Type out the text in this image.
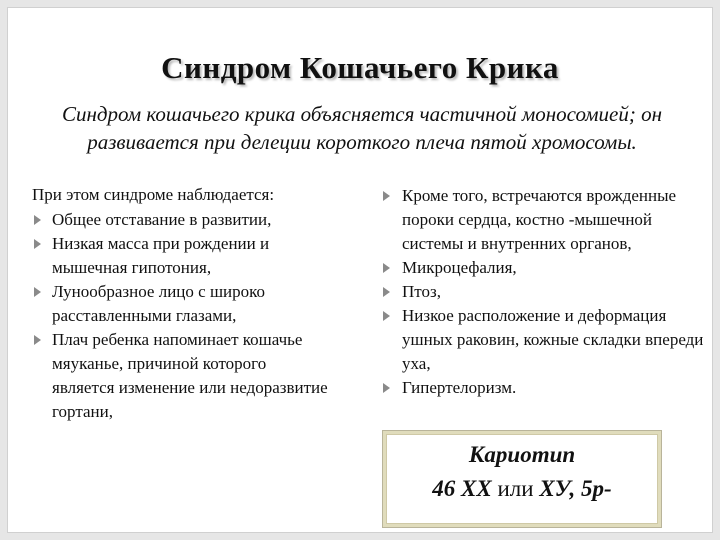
Синдром Кошачьего Крика
Синдром кошачьего крика объясняется частичной моносомией; он развивается при делеции короткого плеча пятой хромосомы.
При этом синдроме наблюдается:
Общее отставание в развитии,
Низкая масса при рождении и мышечная гипотония,
Лунообразное лицо с широко расставленными глазами,
Плач ребенка напоминает кошачье мяуканье, причиной которого является изменение или недоразвитие гортани,
Кроме того, встречаются врожденные пороки сердца, костно -мышечной системы и внутренних органов,
Микроцефалия,
Птоз,
Низкое расположение и деформация ушных раковин, кожные складки впереди уха,
Гипертелоризм.
Кариотип
46 ХХ или ХУ, 5р-
